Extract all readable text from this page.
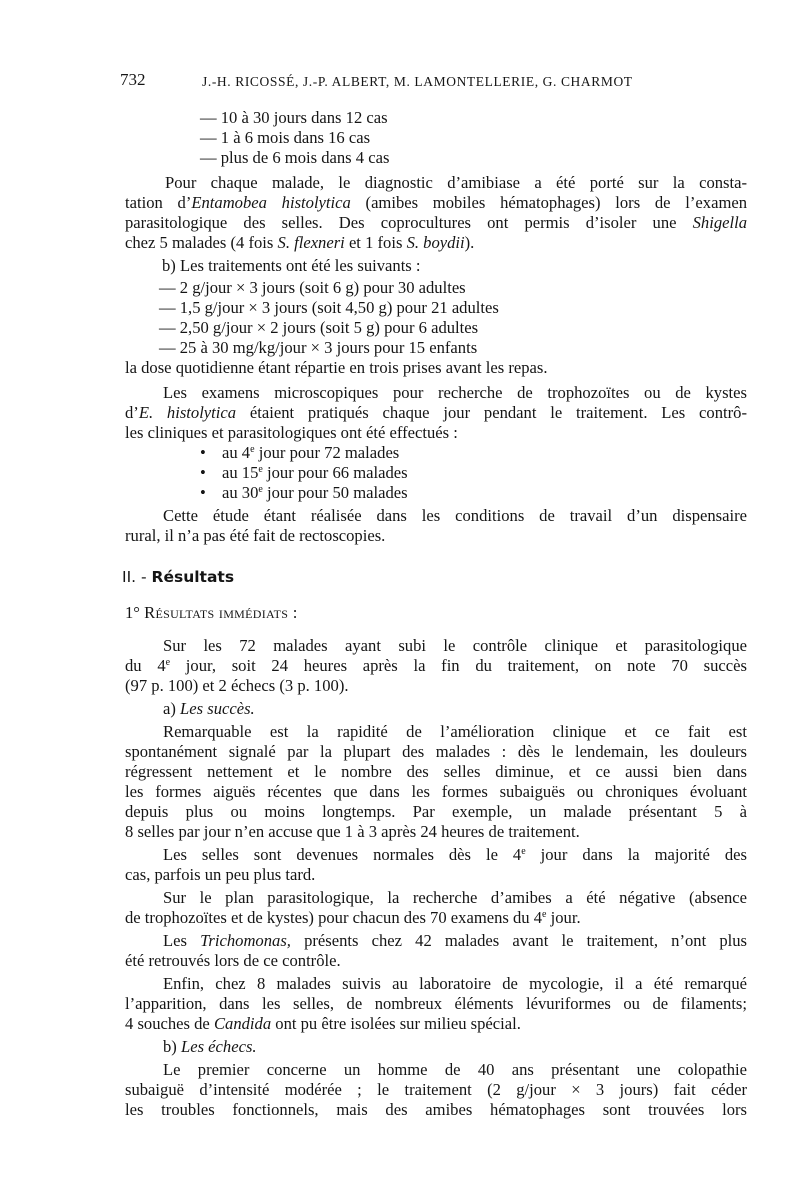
732	J.-H. RICOSSÉ, J.-P. ALBERT, M. LAMONTELLERIE, G. CHARMOT
— 10 à 30 jours dans 12 cas
— 1 à 6 mois dans 16 cas
— plus de 6 mois dans 4 cas
Pour chaque malade, le diagnostic d’amibiase a été porté sur la consta-
tation d’Entamobea histolytica (amibes mobiles hématophages) lors de l’examen
parasitologique des selles. Des coprocultures ont permis d’isoler une Shigella
chez 5 malades (4 fois S. flexneri et 1 fois S. boydii).
b) Les traitements ont été les suivants :
— 2 g/jour × 3 jours (soit 6 g) pour 30 adultes
— 1,5 g/jour × 3 jours (soit 4,50 g) pour 21 adultes
— 2,50 g/jour × 2 jours (soit 5 g) pour 6 adultes
— 25 à 30 mg/kg/jour × 3 jours pour 15 enfants
la dose quotidienne étant répartie en trois prises avant les repas.
Les examens microscopiques pour recherche de trophozoïtes ou de kystes
d’E. histolytica étaient pratiqués chaque jour pendant le traitement. Les contrô-
les cliniques et parasitologiques ont été effectués :
• au 4e jour pour 72 malades
• au 15e jour pour 66 malades
• au 30e jour pour 50 malades
Cette étude étant réalisée dans les conditions de travail d’un dispensaire
rural, il n’a pas été fait de rectoscopies.
II. - Résultats
1° Résultats immédiats :
Sur les 72 malades ayant subi le contrôle clinique et parasitologique
du 4e jour, soit 24 heures après la fin du traitement, on note 70 succès
(97 p. 100) et 2 échecs (3 p. 100).
a) Les succès.
Remarquable est la rapidité de l’amélioration clinique et ce fait est
spontanément signalé par la plupart des malades : dès le lendemain, les douleurs
régressent nettement et le nombre des selles diminue, et ce aussi bien dans
les formes aiguës récentes que dans les formes subaiguës ou chroniques évoluant
depuis plus ou moins longtemps. Par exemple, un malade présentant 5 à
8 selles par jour n’en accuse que 1 à 3 après 24 heures de traitement.
Les selles sont devenues normales dès le 4e jour dans la majorité des
cas, parfois un peu plus tard.
Sur le plan parasitologique, la recherche d’amibes a été négative (absence
de trophozoïtes et de kystes) pour chacun des 70 examens du 4e jour.
Les Trichomonas, présents chez 42 malades avant le traitement, n’ont plus
été retrouvés lors de ce contrôle.
Enfin, chez 8 malades suivis au laboratoire de mycologie, il a été remarqué
l’apparition, dans les selles, de nombreux éléments lévuriformes ou de filaments;
4 souches de Candida ont pu être isolées sur milieu spécial.
b) Les échecs.
Le premier concerne un homme de 40 ans présentant une colopathie
subaiguë d’intensité modérée ; le traitement (2 g/jour × 3 jours) fait céder
les troubles fonctionnels, mais des amibes hématophages sont trouvées lors
